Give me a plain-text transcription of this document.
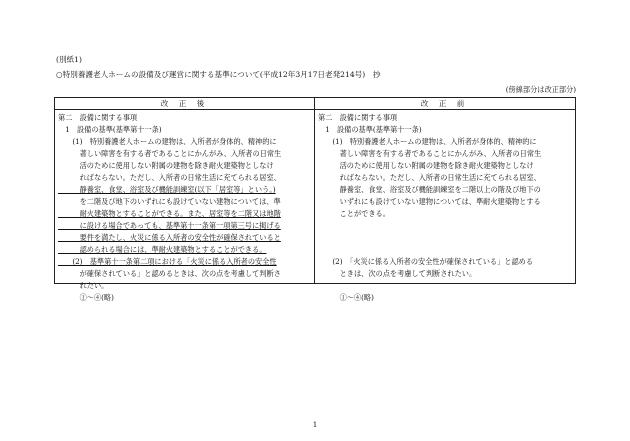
(別紙1)
○特別養護老人ホームの設備及び運営に関する基準について(平成12年3月17日老発214号)　抄
(傍線部分は改正部分)
改 正 後	改 正 前
第二　設備に関する事項
　1　設備の基準(基準第十一条)
　　(1)　特別養護老人ホームの建物は、入所者が身体的、精神的に
　　　著しい障害を有する者であることにかんがみ、入所者の日常生
　　　活のために使用しない附属の建物を除き耐火建築物としなけ
　　　ればならない。ただし、入所者の日常生活に充てられる居室、
　　　静養室、食堂、浴室及び機能訓練室(以下「居室等」という。)
　　　を二階及び地下のいずれにも設けていない建物については、準
　　　耐火建築物とすることができる。また、居室等を二階又は地階
　　　に設ける場合であっても、基準第十一条第一項第三号に掲げる
　　　要件を満たし、火災に係る入所者の安全性が確保されていると
　　　認められる場合には、準耐火建築物とすることができる。
　　(2)　基準第十一条第二項における「火災に係る入所者の安全性
　　　が確保されている」と認めるときは、次の点を考慮して判断さ
　　　れたい。
　　　①～④(略)
第二　設備に関する事項
　1　設備の基準(基準第十一条)
　　(1)　特別養護老人ホームの建物は、入所者が身体的、精神的に
　　　著しい障害を有する者であることにかんがみ、入所者の日常生
　　　活のために使用しない附属の建物を除き耐火建築物としなけ
　　　ればならない。ただし、入所者の日常生活に充てられる居室、
　　　静養室、食堂、浴室及び機能訓練室を二階以上の階及び地下の
　　　いずれにも設けていない建物については、準耐火建築物とする
　　　ことができる。

　　(2)　「火災に係る入所者の安全性が確保されている」と認める
　　　ときは、次の点を考慮して判断されたい。

　　　①～④(略)
1
